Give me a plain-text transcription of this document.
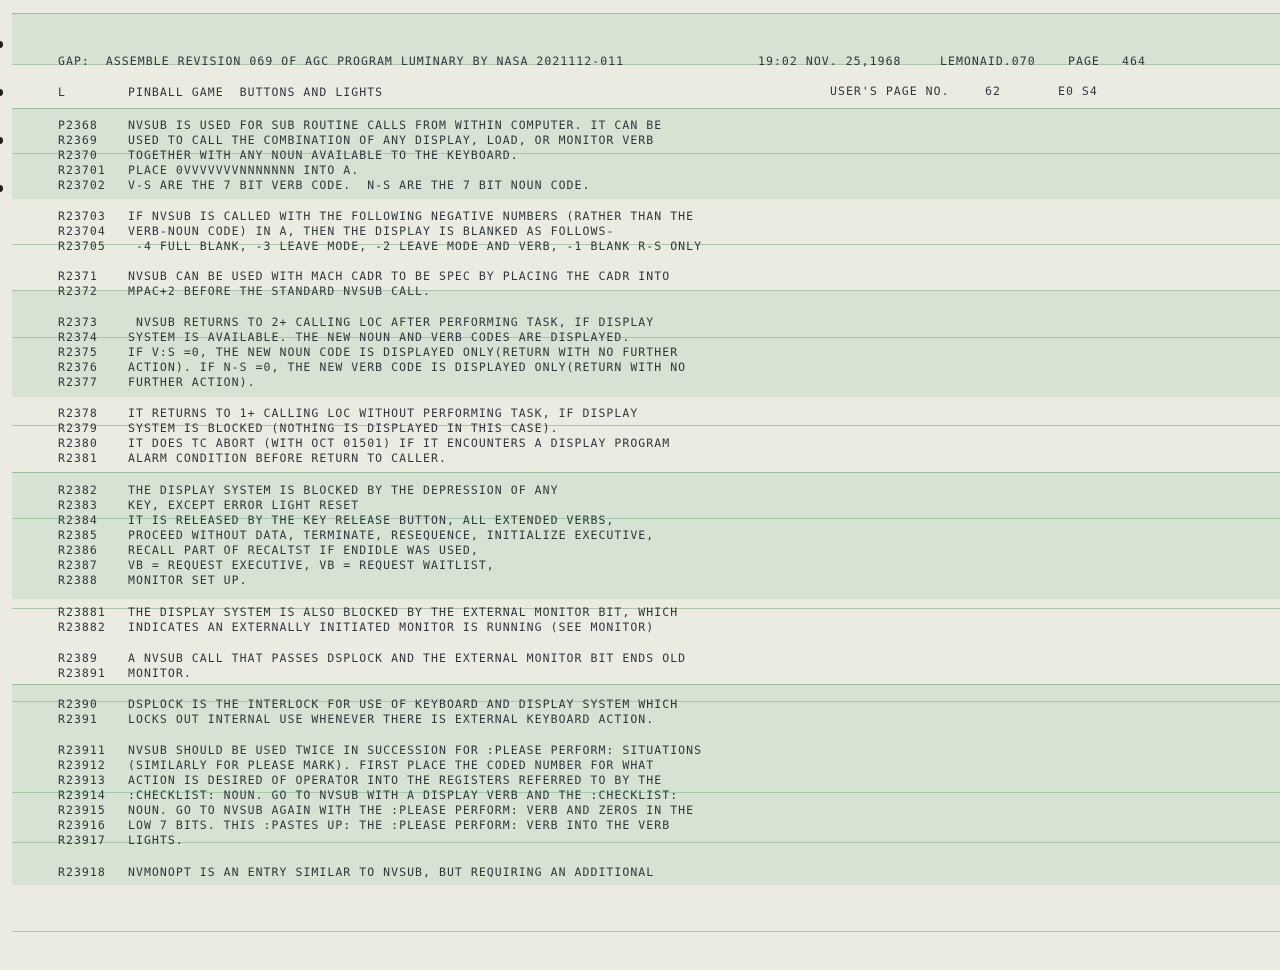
GAP:  ASSEMBLE REVISION 069 OF AGC PROGRAM LUMINARY BY NASA 2021112-011	19:02 NOV. 25,1968	LEMONAID.070	PAGE 464
L	PINBALL GAME  BUTTONS AND LIGHTS	USER'S PAGE NO.	62	E0 S4
P2368	NVSUB IS USED FOR SUB ROUTINE CALLS FROM WITHIN COMPUTER. IT CAN BE
R2369	USED TO CALL THE COMBINATION OF ANY DISPLAY, LOAD, OR MONITOR VERB
R2370	TOGETHER WITH ANY NOUN AVAILABLE TO THE KEYBOARD.
R23701 PLACE 0VVVVVVVNNNNNNN INTO A.
R23702 V-S ARE THE 7 BIT VERB CODE.  N-S ARE THE 7 BIT NOUN CODE.
R23703 IF NVSUB IS CALLED WITH THE FOLLOWING NEGATIVE NUMBERS (RATHER THAN THE
R23704 VERB-NOUN CODE) IN A, THEN THE DISPLAY IS BLANKED AS FOLLOWS-
R23705 -4 FULL BLANK, -3 LEAVE MODE, -2 LEAVE MODE AND VERB, -1 BLANK R-S ONLY
R2371	NVSUB CAN BE USED WITH MACH CADR TO BE SPEC BY PLACING THE CADR INTO
R2372	MPAC+2 BEFORE THE STANDARD NVSUB CALL.
R2373	NVSUB RETURNS TO 2+ CALLING LOC AFTER PERFORMING TASK, IF DISPLAY
R2374	SYSTEM IS AVAILABLE. THE NEW NOUN AND VERB CODES ARE DISPLAYED.
R2375	IF V:S =0, THE NEW NOUN CODE IS DISPLAYED ONLY(RETURN WITH NO FURTHER
R2376	ACTION). IF N-S =0, THE NEW VERB CODE IS DISPLAYED ONLY(RETURN WITH NO
R2377	FURTHER ACTION).
R2378	IT RETURNS TO 1+ CALLING LOC WITHOUT PERFORMING TASK, IF DISPLAY
R2379	SYSTEM IS BLOCKED (NOTHING IS DISPLAYED IN THIS CASE).
R2380	IT DOES TC ABORT (WITH OCT 01501) IF IT ENCOUNTERS A DISPLAY PROGRAM
R2381	ALARM CONDITION BEFORE RETURN TO CALLER.
R2382	THE DISPLAY SYSTEM IS BLOCKED BY THE DEPRESSION OF ANY
R2383	KEY, EXCEPT ERROR LIGHT RESET
R2384	IT IS RELEASED BY THE KEY RELEASE BUTTON, ALL EXTENDED VERBS,
R2385	PROCEED WITHOUT DATA, TERMINATE, RESEQUENCE, INITIALIZE EXECUTIVE,
R2386	RECALL PART OF RECALTST IF ENDIDLE WAS USED,
R2387	VB = REQUEST EXECUTIVE, VB = REQUEST WAITLIST,
R2388	MONITOR SET UP.
R23881 THE DISPLAY SYSTEM IS ALSO BLOCKED BY THE EXTERNAL MONITOR BIT, WHICH
R23882 INDICATES AN EXTERNALLY INITIATED MONITOR IS RUNNING (SEE MONITOR)
R2389	A NVSUB CALL THAT PASSES DSPLOCK AND THE EXTERNAL MONITOR BIT ENDS OLD
R23891 MONITOR.
R2390	DSPLOCK IS THE INTERLOCK FOR USE OF KEYBOARD AND DISPLAY SYSTEM WHICH
R2391	LOCKS OUT INTERNAL USE WHENEVER THERE IS EXTERNAL KEYBOARD ACTION.
R23911 NVSUB SHOULD BE USED TWICE IN SUCCESSION FOR :PLEASE PERFORM: SITUATIONS
R23912 (SIMILARLY FOR PLEASE MARK). FIRST PLACE THE CODED NUMBER FOR WHAT
R23913 ACTION IS DESIRED OF OPERATOR INTO THE REGISTERS REFERRED TO BY THE
R23914 :CHECKLIST: NOUN. GO TO NVSUB WITH A DISPLAY VERB AND THE :CHECKLIST:
R23915 NOUN. GO TO NVSUB AGAIN WITH THE :PLEASE PERFORM: VERB AND ZEROS IN THE
R23916 LOW 7 BITS. THIS :PASTES UP: THE :PLEASE PERFORM: VERB INTO THE VERB
R23917 LIGHTS.
R23918 NVMONOPT IS AN ENTRY SIMILAR TO NVSUB, BUT REQUIRING AN ADDITIONAL
